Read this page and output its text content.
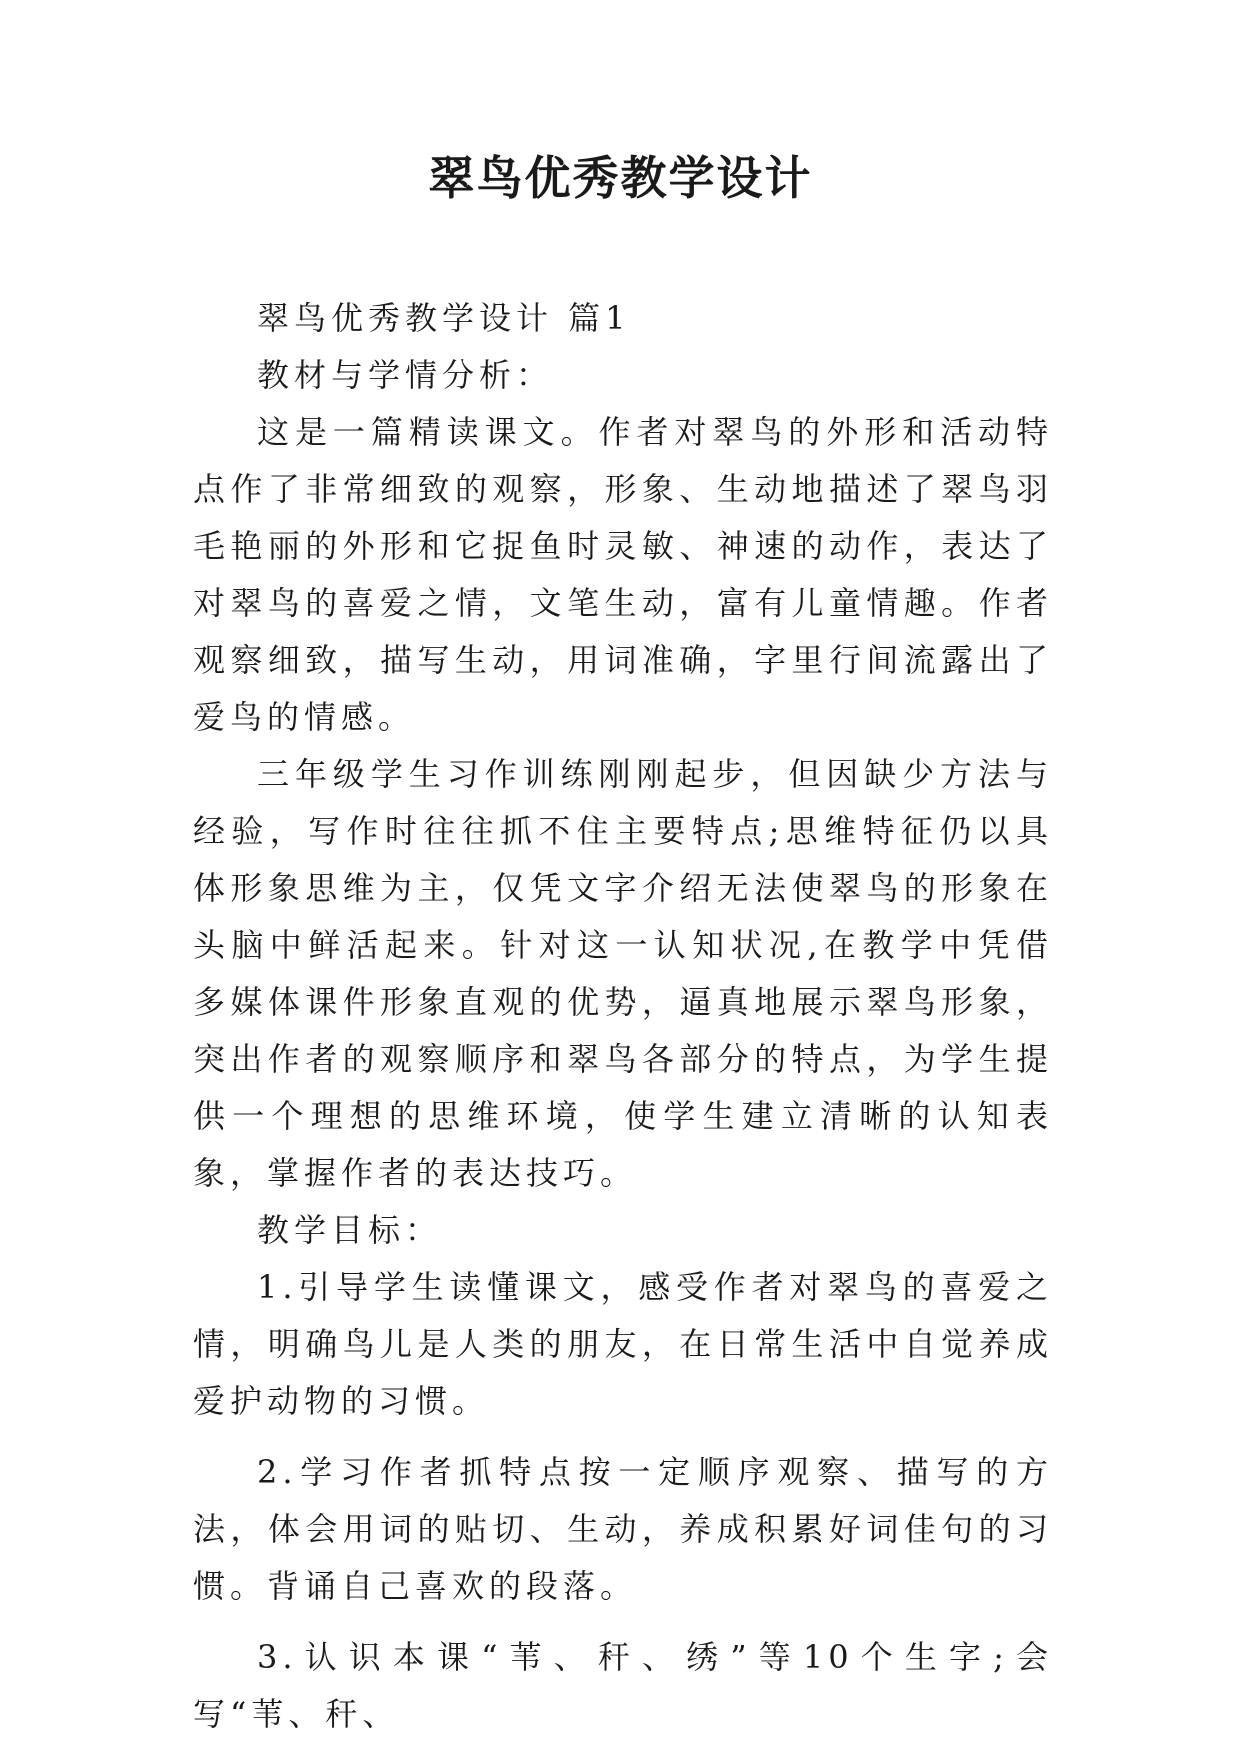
翠鸟优秀教学设计

翠鸟优秀教学设计 篇1

教材与学情分析：

这是一篇精读课文。作者对翠鸟的外形和活动特点作了非常细致的观察，形象、生动地描述了翠鸟羽毛艳丽的外形和它捉鱼时灵敏、神速的动作，表达了对翠鸟的喜爱之情，文笔生动，富有儿童情趣。作者观察细致，描写生动，用词准确，字里行间流露出了爱鸟的情感。

三年级学生习作训练刚刚起步，但因缺少方法与经验，写作时往往抓不住主要特点;思维特征仍以具体形象思维为主，仅凭文字介绍无法使翠鸟的形象在头脑中鲜活起来。针对这一认知状况,在教学中凭借多媒体课件形象直观的优势，逼真地展示翠鸟形象，突出作者的观察顺序和翠鸟各部分的特点，为学生提供一个理想的思维环境，使学生建立清晰的认知表象，掌握作者的表达技巧。

教学目标：

1.引导学生读懂课文，感受作者对翠鸟的喜爱之情，明确鸟儿是人类的朋友，在日常生活中自觉养成爱护动物的习惯。

2.学习作者抓特点按一定顺序观察、描写的方法，体会用词的贴切、生动，养成积累好词佳句的习惯。背诵自己喜欢的段落。

3.认识本课“苇、秆、绣”等10个生字;会写“苇、秆、
